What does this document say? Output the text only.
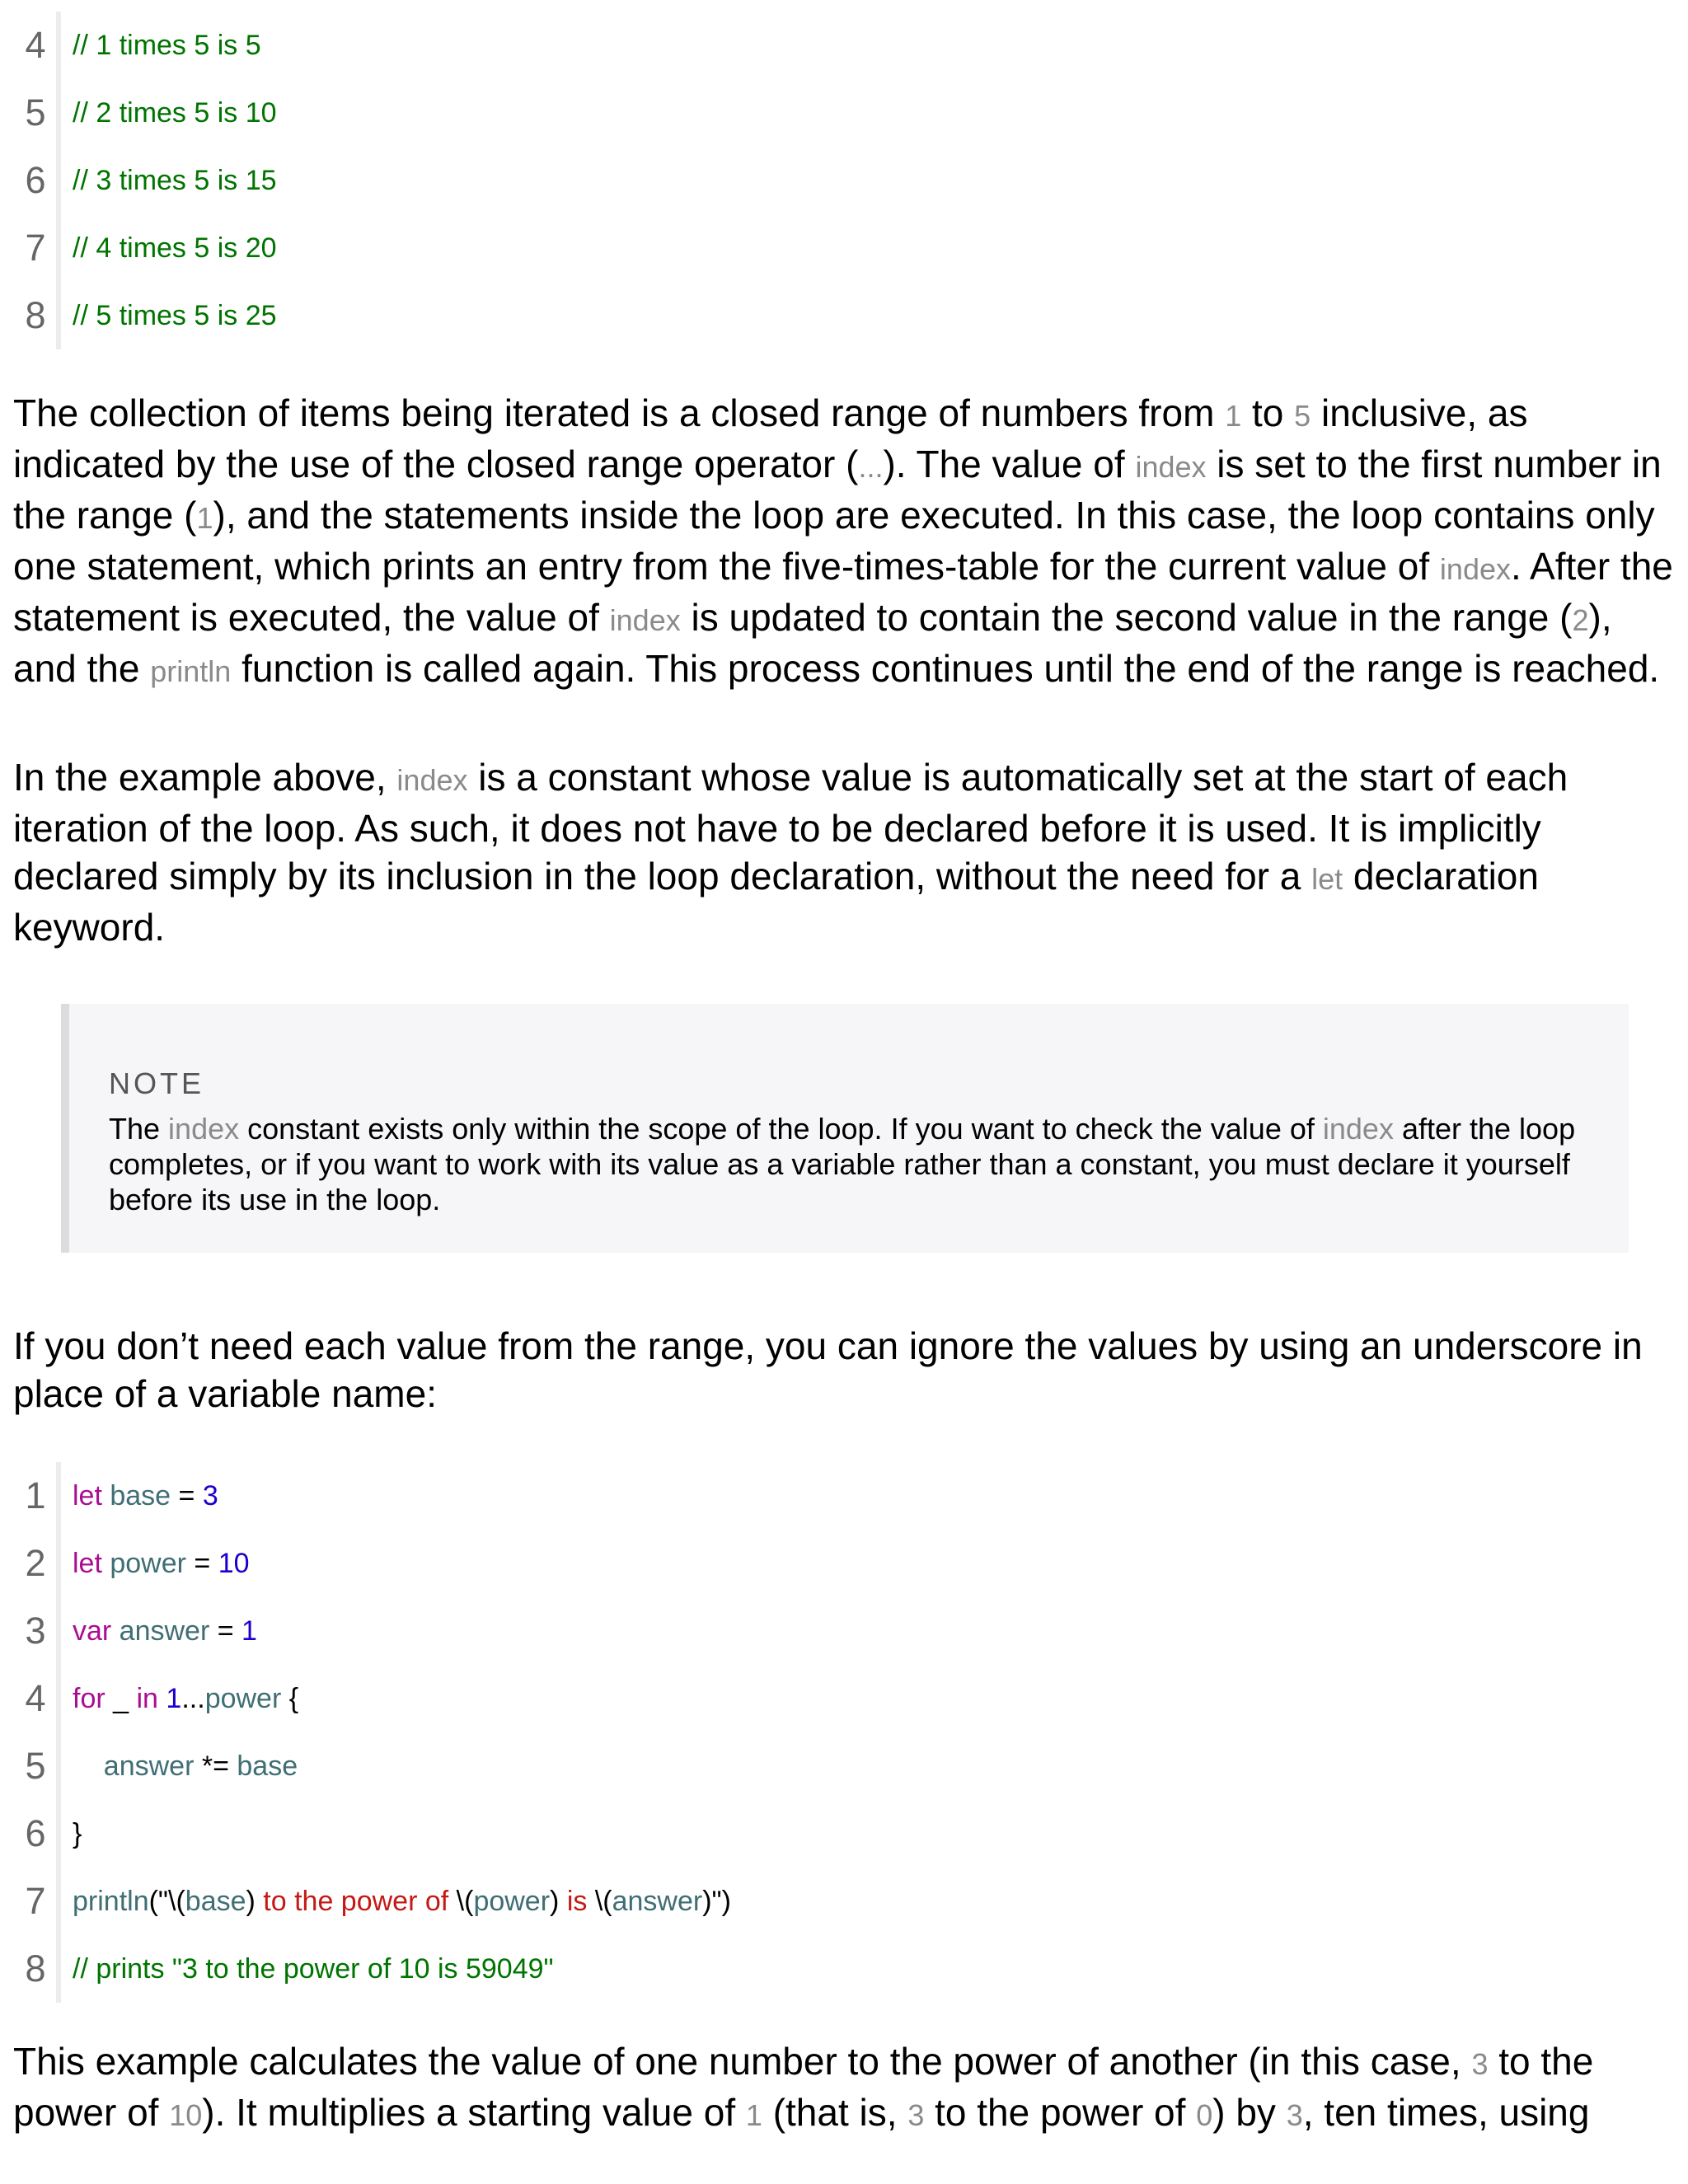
4 // 1 times 5 is 5
5 // 2 times 5 is 10
6 // 3 times 5 is 15
7 // 4 times 5 is 20
8 // 5 times 5 is 25

The collection of items being iterated is a closed range of numbers from 1 to 5 inclusive, as indicated by the use of the closed range operator (...). The value of index is set to the first number in the range (1), and the statements inside the loop are executed. In this case, the loop contains only one statement, which prints an entry from the five-times-table for the current value of index. After the statement is executed, the value of index is updated to contain the second value in the range (2), and the println function is called again. This process continues until the end of the range is reached.

In the example above, index is a constant whose value is automatically set at the start of each iteration of the loop. As such, it does not have to be declared before it is used. It is implicitly declared simply by its inclusion in the loop declaration, without the need for a let declaration keyword.

NOTE
The index constant exists only within the scope of the loop. If you want to check the value of index after the loop completes, or if you want to work with its value as a variable rather than a constant, you must declare it yourself before its use in the loop.

If you don’t need each value from the range, you can ignore the values by using an underscore in place of a variable name:

1 let base = 3
2 let power = 10
3 var answer = 1
4 for _ in 1...power {
5 answer *= base
6 }
7 println("\(base) to the power of \(power) is \(answer)")
8 // prints "3 to the power of 10 is 59049"

This example calculates the value of one number to the power of another (in this case, 3 to the power of 10). It multiplies a starting value of 1 (that is, 3 to the power of 0) by 3, ten times, using
